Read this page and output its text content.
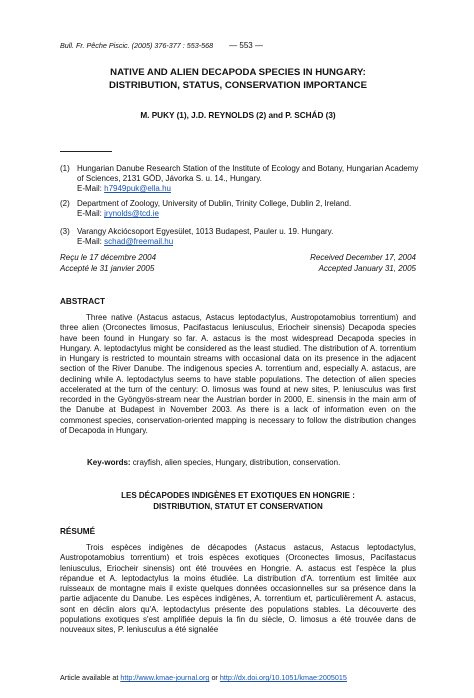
Bull. Fr. Pêche Piscic. (2005) 376-377 : 553-568 — 553 —
NATIVE AND ALIEN DECAPODA SPECIES IN HUNGARY:
DISTRIBUTION, STATUS, CONSERVATION IMPORTANCE
M. PUKY (1), J.D. REYNOLDS (2) and P. SCHÁD (3)
(1) Hungarian Danube Research Station of the Institute of Ecology and Botany, Hungarian Academy of Sciences, 2131 GÖD, Jávorka S. u. 14., Hungary.
E-Mail: h7949puk@ella.hu
(2) Department of Zoology, University of Dublin, Trinity College, Dublin 2, Ireland.
E-Mail: jrynolds@tcd.ie
(3) Varangy Akciócsoport Egyesület, 1013 Budapest, Pauler u. 19. Hungary.
E-Mail: schad@freemail.hu
Reçu le 17 décembre 2004	Received December 17, 2004
Accepté le 31 janvier 2005	Accepted January 31, 2005
ABSTRACT
Three native (Astacus astacus, Astacus leptodactylus, Austropotamobius torrentium) and three alien (Orconectes limosus, Pacifastacus leniusculus, Eriocheir sinensis) Decapoda species have been found in Hungary so far. A. astacus is the most widespread Decapoda species in Hungary. A. leptodactylus might be considered as the least studied. The distribution of A. torrentium in Hungary is restricted to mountain streams with occasional data on its presence in the adjacent section of the River Danube. The indigenous species A. torrentium and, especially A. astacus, are declining while A. leptodactylus seems to have stable populations. The detection of alien species accelerated at the turn of the century: O. limosus was found at new sites, P. leniusculus was first recorded in the Gyöngyös-stream near the Austrian border in 2000, E. sinensis in the main arm of the Danube at Budapest in November 2003. As there is a lack of information even on the commonest species, conservation-oriented mapping is necessary to follow the distribution changes of Decapoda in Hungary.
Key-words: crayfish, alien species, Hungary, distribution, conservation.
LES DÉCAPODES INDIGÈNES ET EXOTIQUES EN HONGRIE :
DISTRIBUTION, STATUT ET CONSERVATION
RÉSUMÉ
Trois espèces indigènes de décapodes (Astacus astacus, Astacus leptodactylus, Austropotamobius torrentium) et trois espèces exotiques (Orconectes limosus, Pacifastacus leniusculus, Eriocheir sinensis) ont été trouvées en Hongrie. A. astacus est l'espèce la plus répandue et A. leptodactylus la moins étudiée. La distribution d'A. torrentium est limitée aux ruisseaux de montagne mais il existe quelques données occasionnelles sur sa présence dans la partie adjacente du Danube. Les espèces indigènes, A. torrentium et, particulièrement A. astacus, sont en déclin alors qu'A. leptodactylus présente des populations stables. La découverte des populations exotiques s'est amplifiée depuis la fin du siècle, O. limosus a été trouvée dans de nouveaux sites, P. leniusculus a été signalée
Article available at http://www.kmae-journal.org or http://dx.doi.org/10.1051/kmae:2005015
